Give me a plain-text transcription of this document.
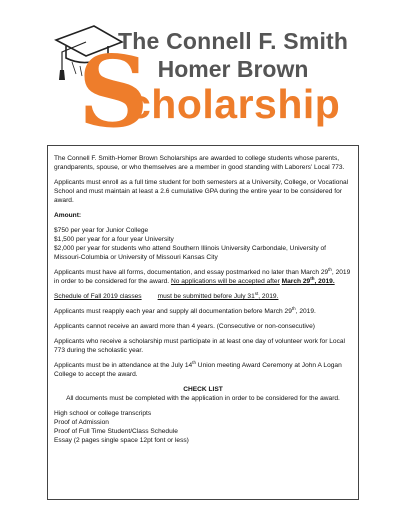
The Connell F. Smith
Homer Brown
S
cholarship

The Connell F. Smith-Homer Brown Scholarships are awarded to college students whose parents, grandparents, spouse, or who themselves are a member in good standing with Laborers’ Local 773.

Applicants must enroll as a full time student for both semesters at a University, College, or Vocational School and must maintain at least a 2.6 cumulative GPA during the entire year to be considered for award.

Amount:

$750 per year for Junior College

$1,500 per year for a four year University

$2,000 per year for students who attend Southern Illinois University Carbondale, University of Missouri-Columbia or University of Missouri Kansas City

Applicants must have all forms, documentation, and essay postmarked no later than March 29th, 2019 in order to be considered for the award. No applications will be accepted after March 29th, 2019.

Schedule of Fall 2019 classes must be submitted before July 31st, 2019.

Applicants must reapply each year and supply all documentation before March 29th, 2019.

Applicants cannot receive an award more than 4 years. (Consecutive or non-consecutive)

Applicants who receive a scholarship must participate in at least one day of volunteer work for Local 773 during the scholastic year.

Applicants must be in attendance at the July 14th Union meeting Award Ceremony at John A Logan College to accept the award.

CHECK LIST

All documents must be completed with the application in order to be considered for the award.

High school or college transcripts

Proof of Admission

Proof of Full Time Student/Class Schedule

Essay (2 pages single space 12pt font or less)
